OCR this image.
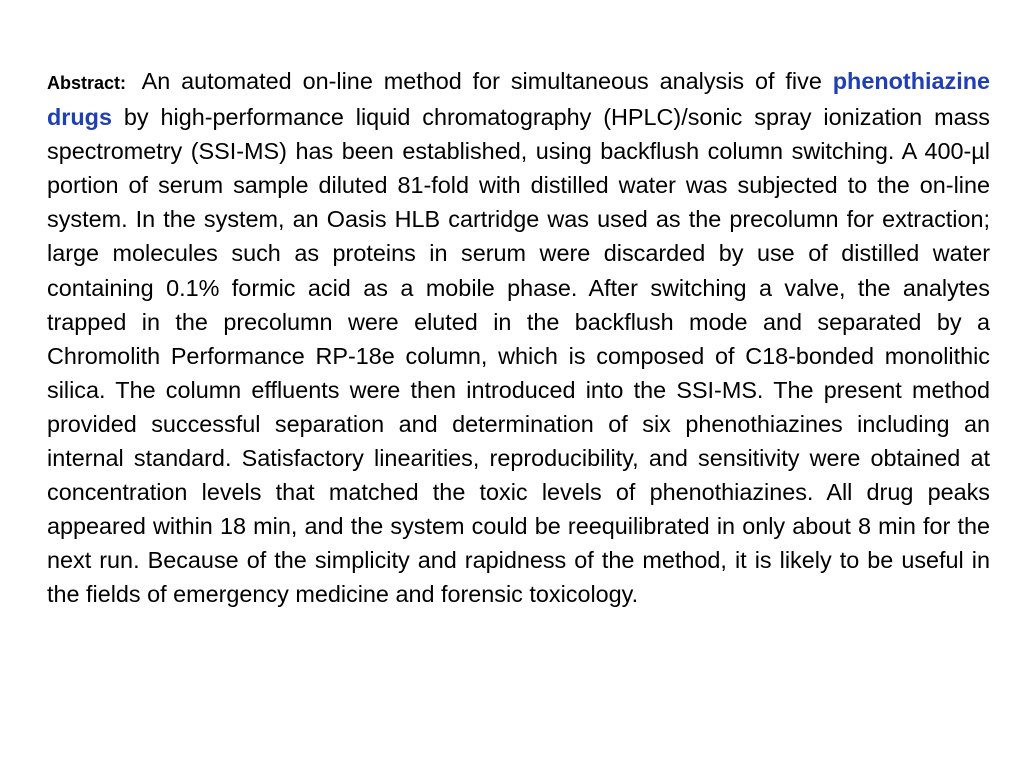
Abstract: An automated on-line method for simultaneous analysis of five phenothiazine drugs by high-performance liquid chromatography (HPLC)/sonic spray ionization mass spectrometry (SSI-MS) has been established, using backflush column switching. A 400-µl portion of serum sample diluted 81-fold with distilled water was subjected to the on-line system. In the system, an Oasis HLB cartridge was used as the precolumn for extraction; large molecules such as proteins in serum were discarded by use of distilled water containing 0.1% formic acid as a mobile phase. After switching a valve, the analytes trapped in the precolumn were eluted in the backflush mode and separated by a Chromolith Performance RP-18e column, which is composed of C18-bonded monolithic silica. The column effluents were then introduced into the SSI-MS. The present method provided successful separation and determination of six phenothiazines including an internal standard. Satisfactory linearities, reproducibility, and sensitivity were obtained at concentration levels that matched the toxic levels of phenothiazines. All drug peaks appeared within 18 min, and the system could be reequilibrated in only about 8 min for the next run. Because of the simplicity and rapidness of the method, it is likely to be useful in the fields of emergency medicine and forensic toxicology.
